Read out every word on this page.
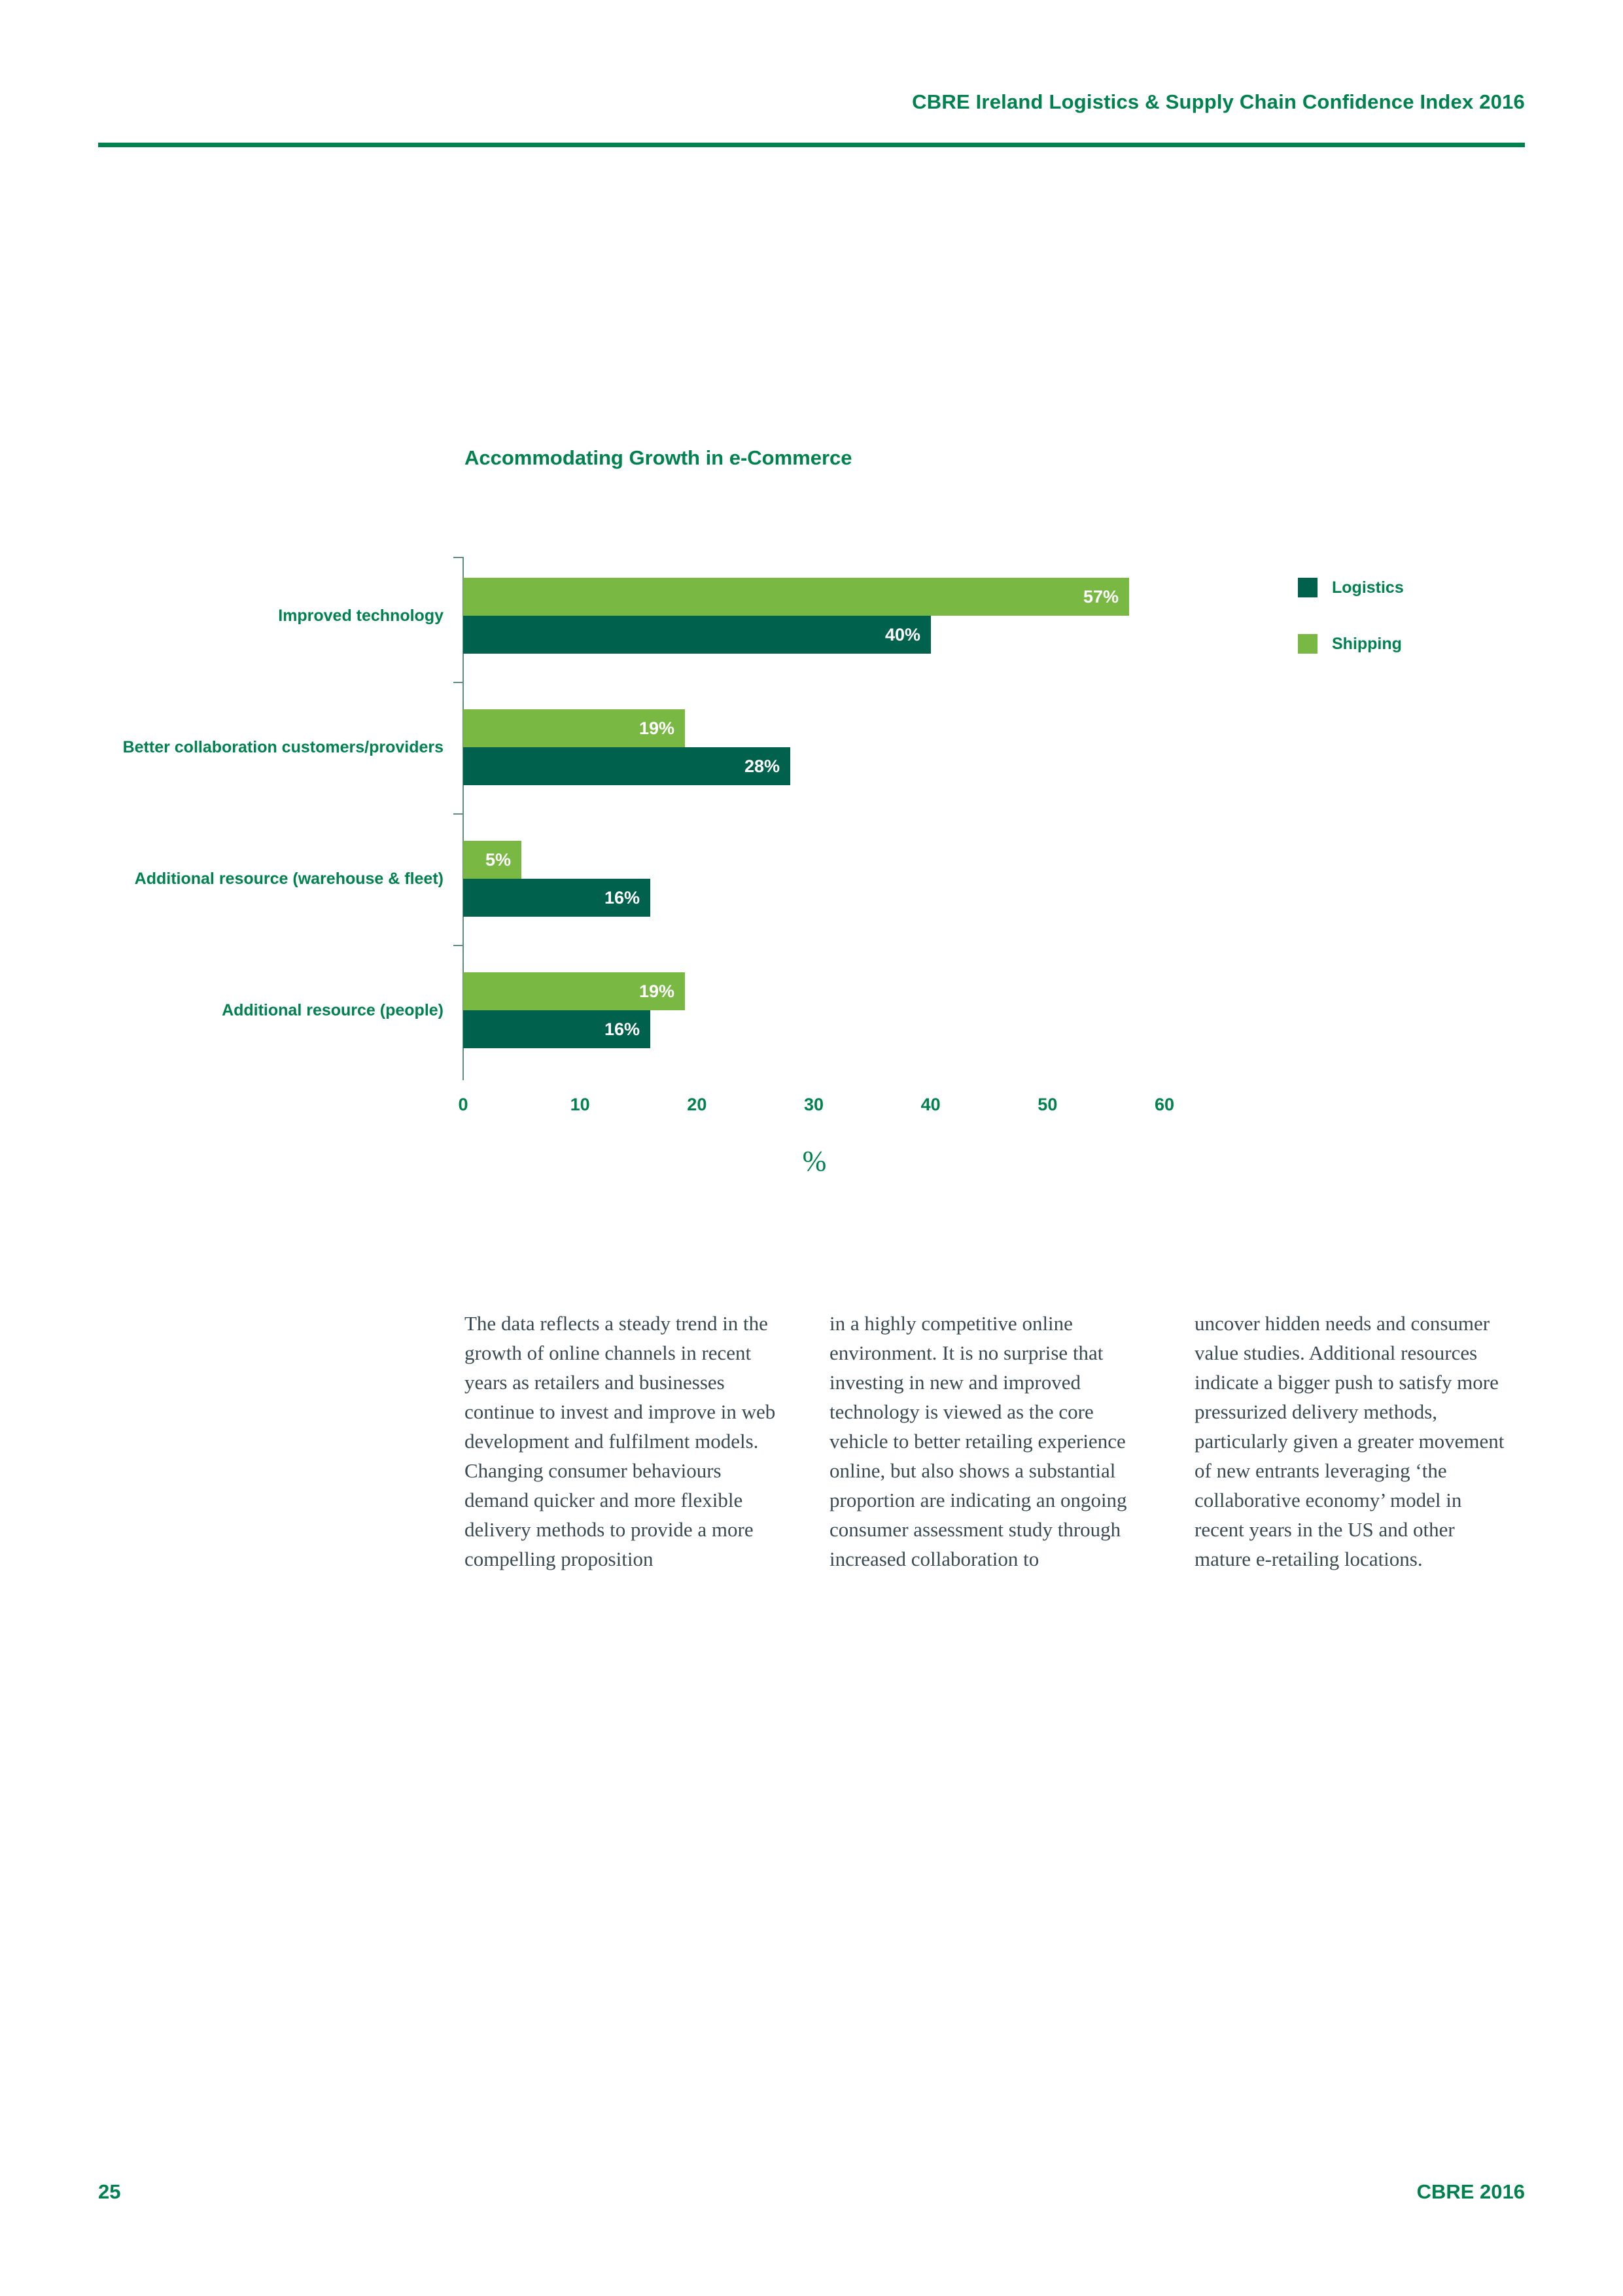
CBRE Ireland Logistics & Supply Chain Confidence Index 2016
Accommodating Growth in e-Commerce
%
Logistics
Shipping
Improved technology
57%
40%
Better collaboration customers/providers
19%
28%
Additional resource (warehouse & fleet)
5%
16%
Additional resource (people)
19%
16%
0	10	20	30	40	50	60
The data reflects a steady trend in the growth of online channels in recent years as retailers and businesses continue to invest and improve in web development and fulfilment models. Changing consumer behaviours demand quicker and more flexible delivery methods to provide a more compelling proposition
in a highly competitive online environment. It is no surprise that investing in new and improved technology is viewed as the core vehicle to better retailing experience online, but also shows a substantial proportion are indicating an ongoing consumer assessment study through increased collaboration to
uncover hidden needs and consumer value studies. Additional resources indicate a bigger push to satisfy more pressurized delivery methods, particularly given a greater movement of new entrants leveraging ‘the collaborative economy’ model in recent years in the US and other mature e-retailing locations.
25	CBRE 2016
